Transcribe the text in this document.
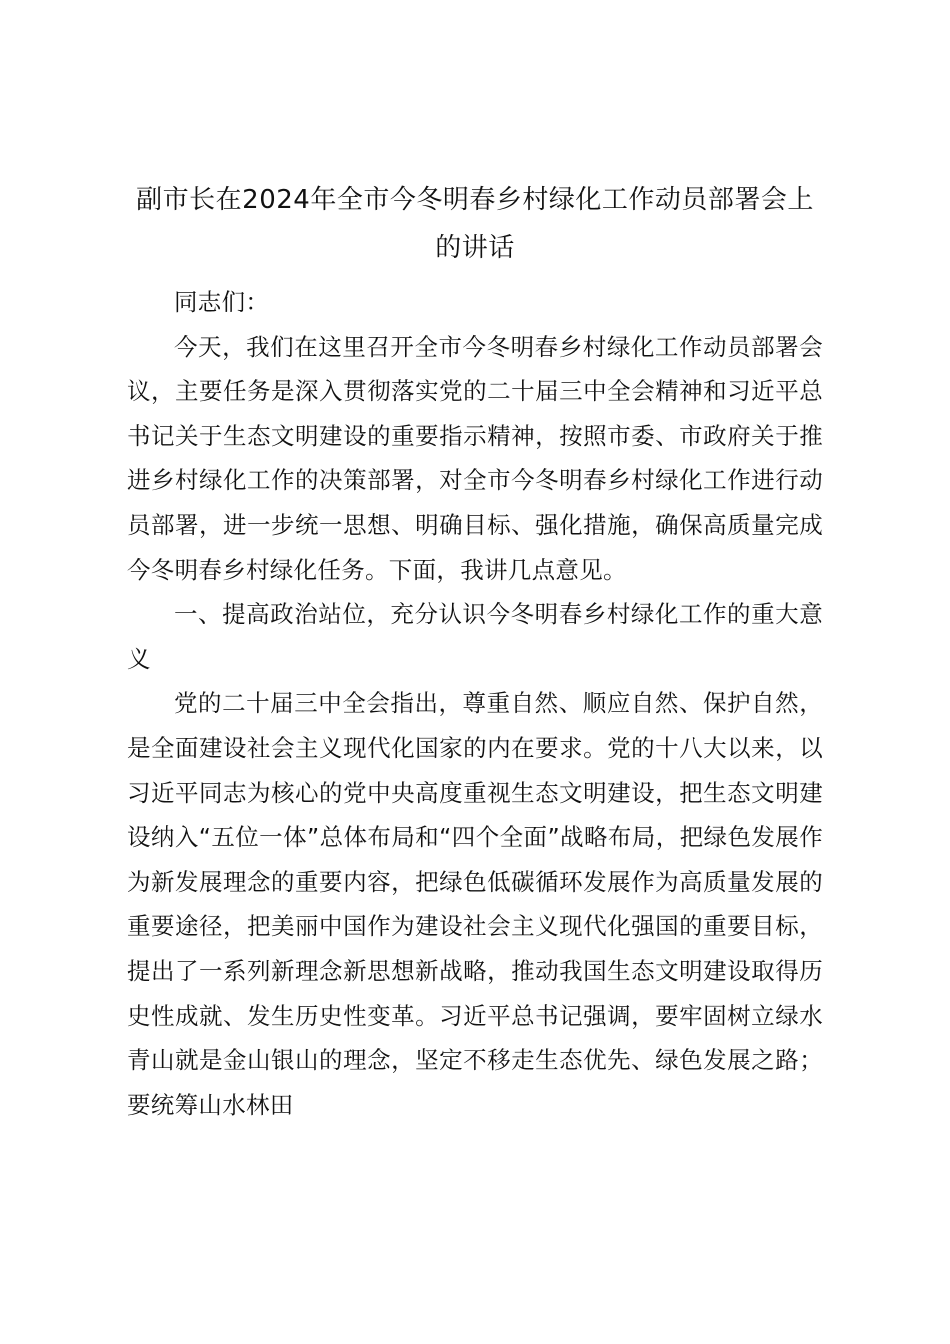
副市长在2024年全市今冬明春乡村绿化工作动员部署会上的讲话

同志们：

今天，我们在这里召开全市今冬明春乡村绿化工作动员部署会议，主要任务是深入贯彻落实党的二十届三中全会精神和习近平总书记关于生态文明建设的重要指示精神，按照市委、市政府关于推进乡村绿化工作的决策部署，对全市今冬明春乡村绿化工作进行动员部署，进一步统一思想、明确目标、强化措施，确保高质量完成今冬明春乡村绿化任务。下面，我讲几点意见。

一、提高政治站位，充分认识今冬明春乡村绿化工作的重大意义

党的二十届三中全会指出，尊重自然、顺应自然、保护自然，是全面建设社会主义现代化国家的内在要求。党的十八大以来，以习近平同志为核心的党中央高度重视生态文明建设，把生态文明建设纳入“五位一体”总体布局和“四个全面”战略布局，把绿色发展作为新发展理念的重要内容，把绿色低碳循环发展作为高质量发展的重要途径，把美丽中国作为建设社会主义现代化强国的重要目标，提出了一系列新理念新思想新战略，推动我国生态文明建设取得历史性成就、发生历史性变革。习近平总书记强调，要牢固树立绿水青山就是金山银山的理念，坚定不移走生态优先、绿色发展之路；要统筹山水林田
